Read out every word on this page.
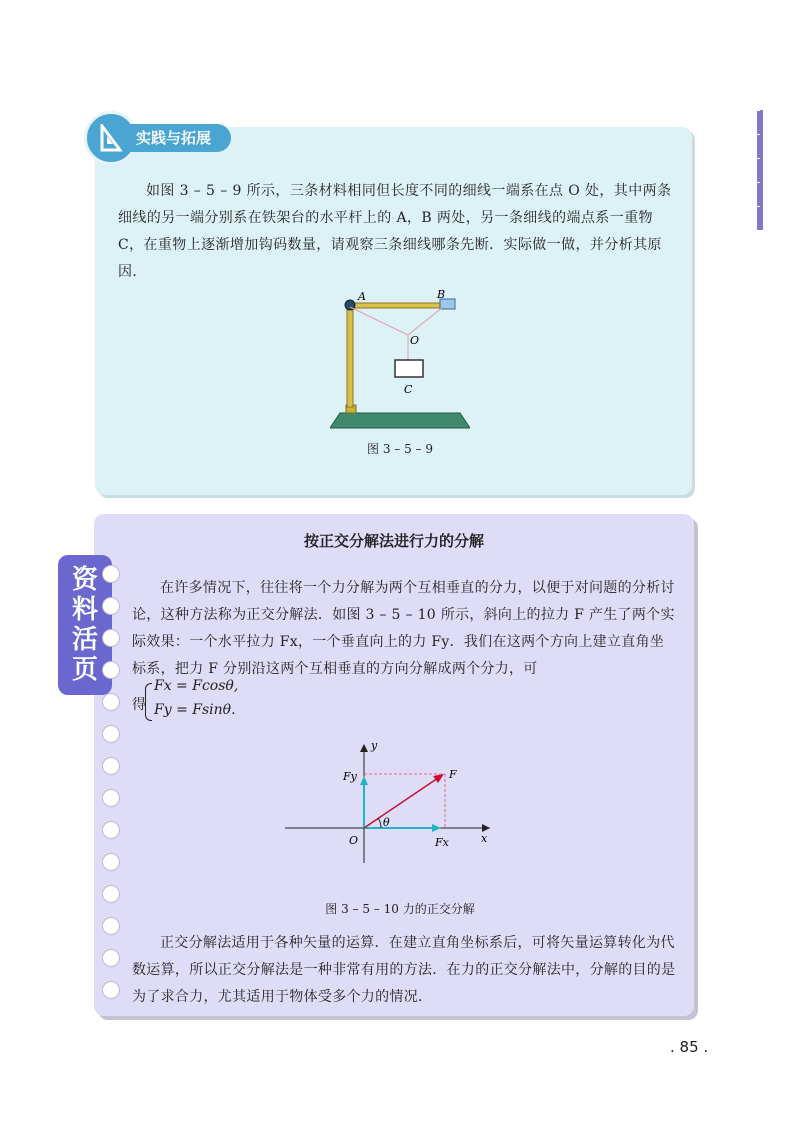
实践与拓展
如图 3 – 5 – 9 所示，三条材料相同但长度不同的细线一端系在点 O 处，其中两条细线的另一端分别系在铁架台的水平杆上的 A，B 两处，另一条细线的端点系一重物 C，在重物上逐渐增加钩码数量，请观察三条细线哪条先断．实际做一做，并分析其原因．
A	B
O
C
图 3 – 5 – 9
资料活页
按正交分解法进行力的分解
在许多情况下，往往将一个力分解为两个互相垂直的分力，以便于对问题的分析讨论，这种方法称为正交分解法．如图 3 – 5 – 10 所示，斜向上的拉力 F 产生了两个实际效果：一个水平拉力 Fx，一个垂直向上的力 Fy．我们在这两个方向上建立直角坐标系，把力 F 分别沿这两个互相垂直的方向分解成两个分力，可
得
Fx = Fcosθ,
Fy = Fsinθ.
y
x
O
F
Fx
Fy
θ
图 3 – 5 – 10 力的正交分解
正交分解法适用于各种矢量的运算．在建立直角坐标系后，可将矢量运算转化为代数运算，所以正交分解法是一种非常有用的方法．在力的正交分解法中，分解的目的是为了求合力，尤其适用于物体受多个力的情况．
. 85 .
